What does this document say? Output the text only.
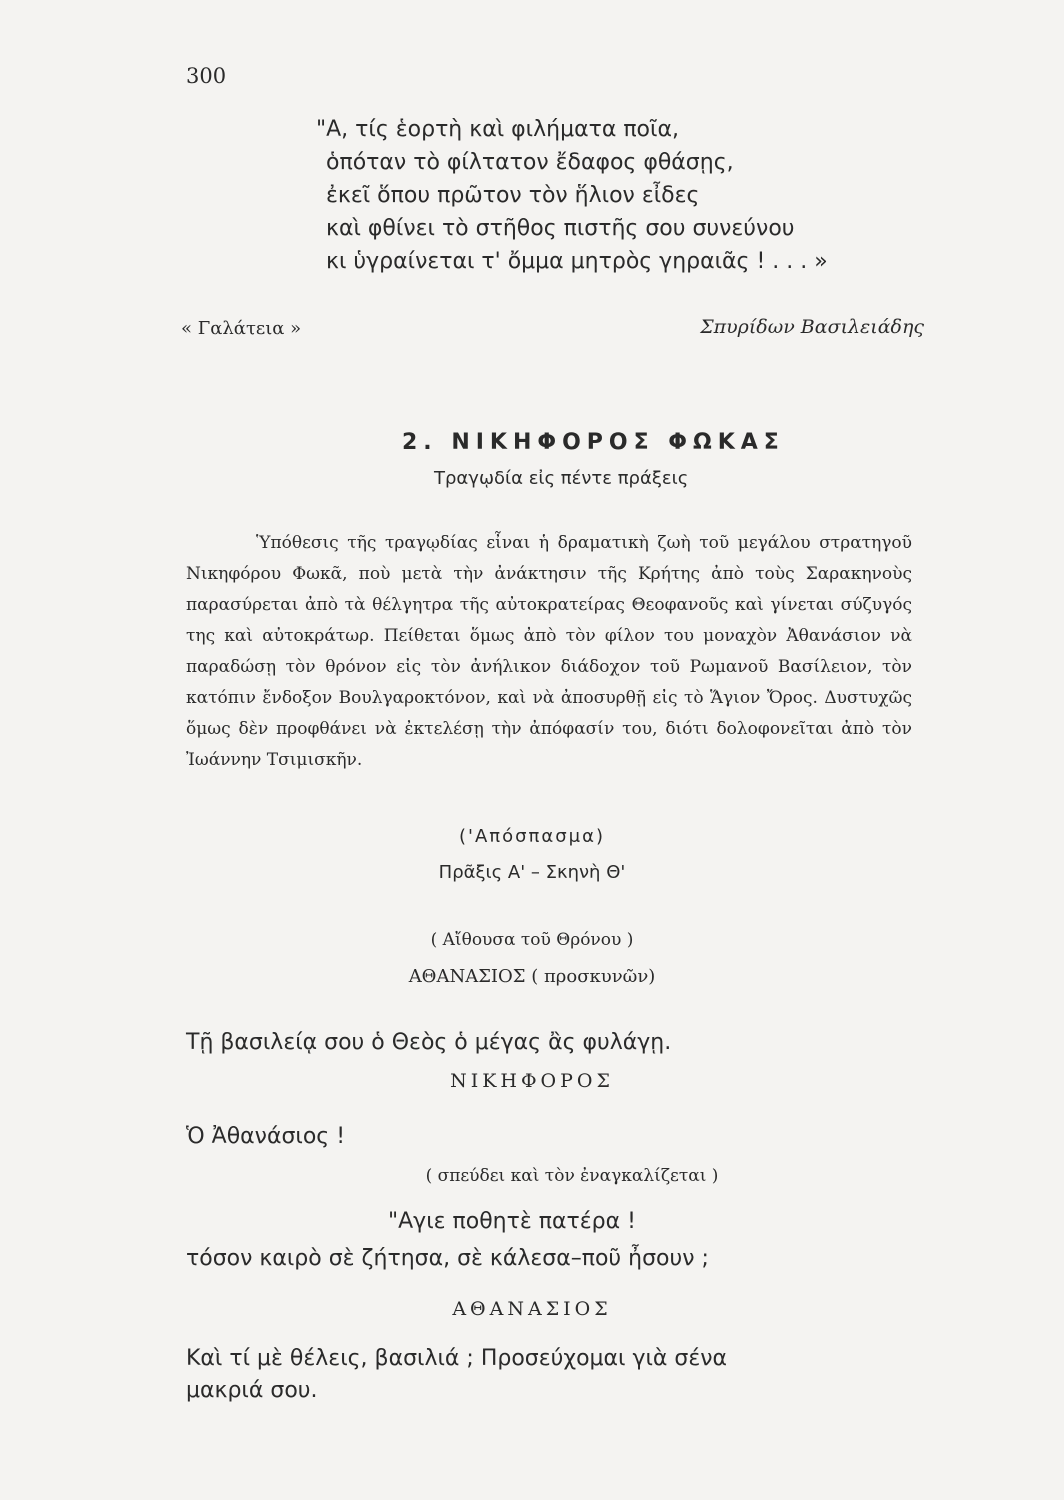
300
"Α, τίς ἑορτὴ καὶ φιλήματα ποῖα,
ὁπόταν τὸ φίλτατον ἔδαφος φθάσῃς,
ἐκεῖ ὅπου πρῶτον τὸν ἥλιον εἶδες
καὶ φθίνει τὸ στῆθος πιστῆς σου συνεύνου
κι ὑγραίνεται τ' ὄμμα μητρὸς γηραιᾶς ! . . . »
« Γαλάτεια »	Σπυρίδων Βασιλειάδης
2. ΝΙΚΗΦΟΡΟΣ ΦΩΚΑΣ
Τραγῳδία εἰς πέντε πράξεις
Ὑπόθεσις τῆς τραγῳδίας εἶναι ἡ δραματικὴ ζωὴ τοῦ μεγάλου στρατηγοῦ Νικηφόρου Φωκᾶ, ποὺ μετὰ τὴν ἀνάκτησιν τῆς Κρήτης ἀπὸ τοὺς Σαρακηνοὺς παρασύρεται ἀπὸ τὰ θέλγητρα τῆς αὐτοκρατείρας Θεοφανοῦς καὶ γίνεται σύζυγός της καὶ αὐτοκράτωρ. Πείθεται ὅμως ἀπὸ τὸν φίλον του μοναχὸν Ἀθανάσιον νὰ παραδώσῃ τὸν θρόνον εἰς τὸν ἀνήλικον διάδοχον τοῦ Ρωμανοῦ Βασίλειον, τὸν κατόπιν ἔνδοξον Βουλγαροκτόνον, καὶ νὰ ἀποσυρθῇ εἰς τὸ Ἅγιον Ὄρος. Δυστυχῶς ὅμως δὲν προφθάνει νὰ ἐκτελέσῃ τὴν ἀπόφασίν του, διότι δολοφονεῖται ἀπὸ τὸν Ἰωάννην Τσιμισκῆν.
('Απόσπασμα)
Πρᾶξις Α' – Σκηνὴ Θ'
( Αἴθουσα τοῦ Θρόνου )
ΑΘΑΝΑΣΙΟΣ ( προσκυνῶν)
Τῇ βασιλείᾳ σου ὁ Θεὸς ὁ μέγας ἂς φυλάγῃ.
ΝΙΚΗΦΟΡΟΣ
Ὁ Ἀθανάσιος !
( σπεύδει καὶ τὸν ἐναγκαλίζεται )
"Αγιε ποθητὲ πατέρα !
τόσον καιρὸ σὲ ζήτησα, σὲ κάλεσα–ποῦ ἦσουν ;
ΑΘΑΝΑΣΙΟΣ
Καὶ τί μὲ θέλεις, βασιλιά ; Προσεύχομαι γιὰ σένα
μακριά σου.
